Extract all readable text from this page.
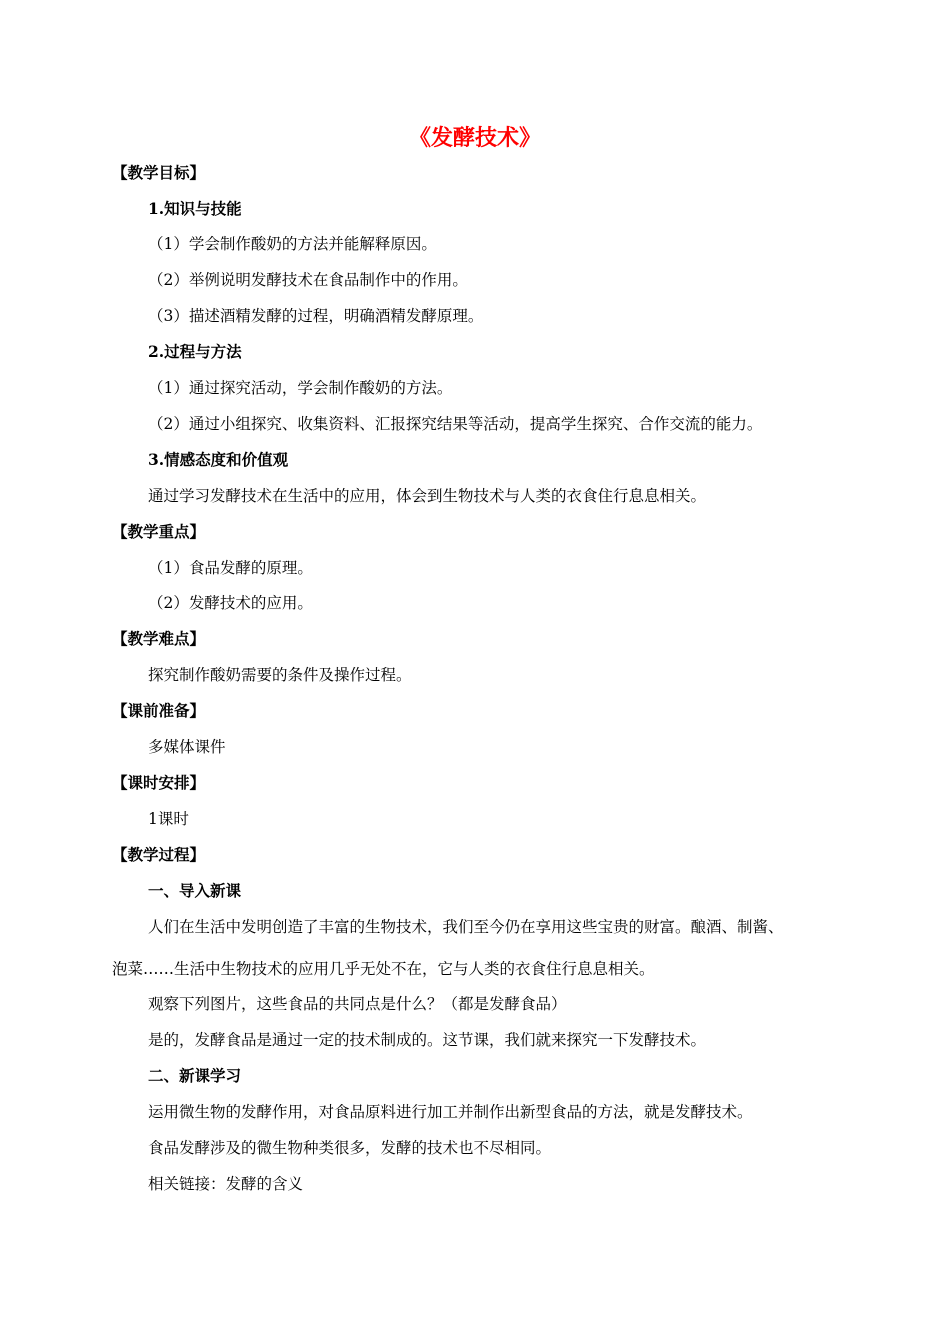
《发酵技术》

【教学目标】

1.知识与技能

（1）学会制作酸奶的方法并能解释原因。

（2）举例说明发酵技术在食品制作中的作用。

（3）描述酒精发酵的过程，明确酒精发酵原理。

2.过程与方法

（1）通过探究活动，学会制作酸奶的方法。

（2）通过小组探究、收集资料、汇报探究结果等活动，提高学生探究、合作交流的能力。

3.情感态度和价值观

通过学习发酵技术在生活中的应用，体会到生物技术与人类的衣食住行息息相关。

【教学重点】

（1）食品发酵的原理。

（2）发酵技术的应用。

【教学难点】

探究制作酸奶需要的条件及操作过程。

【课前准备】

多媒体课件

【课时安排】

1课时

【教学过程】

一、导入新课

人们在生活中发明创造了丰富的生物技术，我们至今仍在享用这些宝贵的财富。酿酒、制酱、

泡菜……生活中生物技术的应用几乎无处不在，它与人类的衣食住行息息相关。

观察下列图片，这些食品的共同点是什么？（都是发酵食品）

是的，发酵食品是通过一定的技术制成的。这节课，我们就来探究一下发酵技术。

二、新课学习

运用微生物的发酵作用，对食品原料进行加工并制作出新型食品的方法，就是发酵技术。

食品发酵涉及的微生物种类很多，发酵的技术也不尽相同。

相关链接：发酵的含义
